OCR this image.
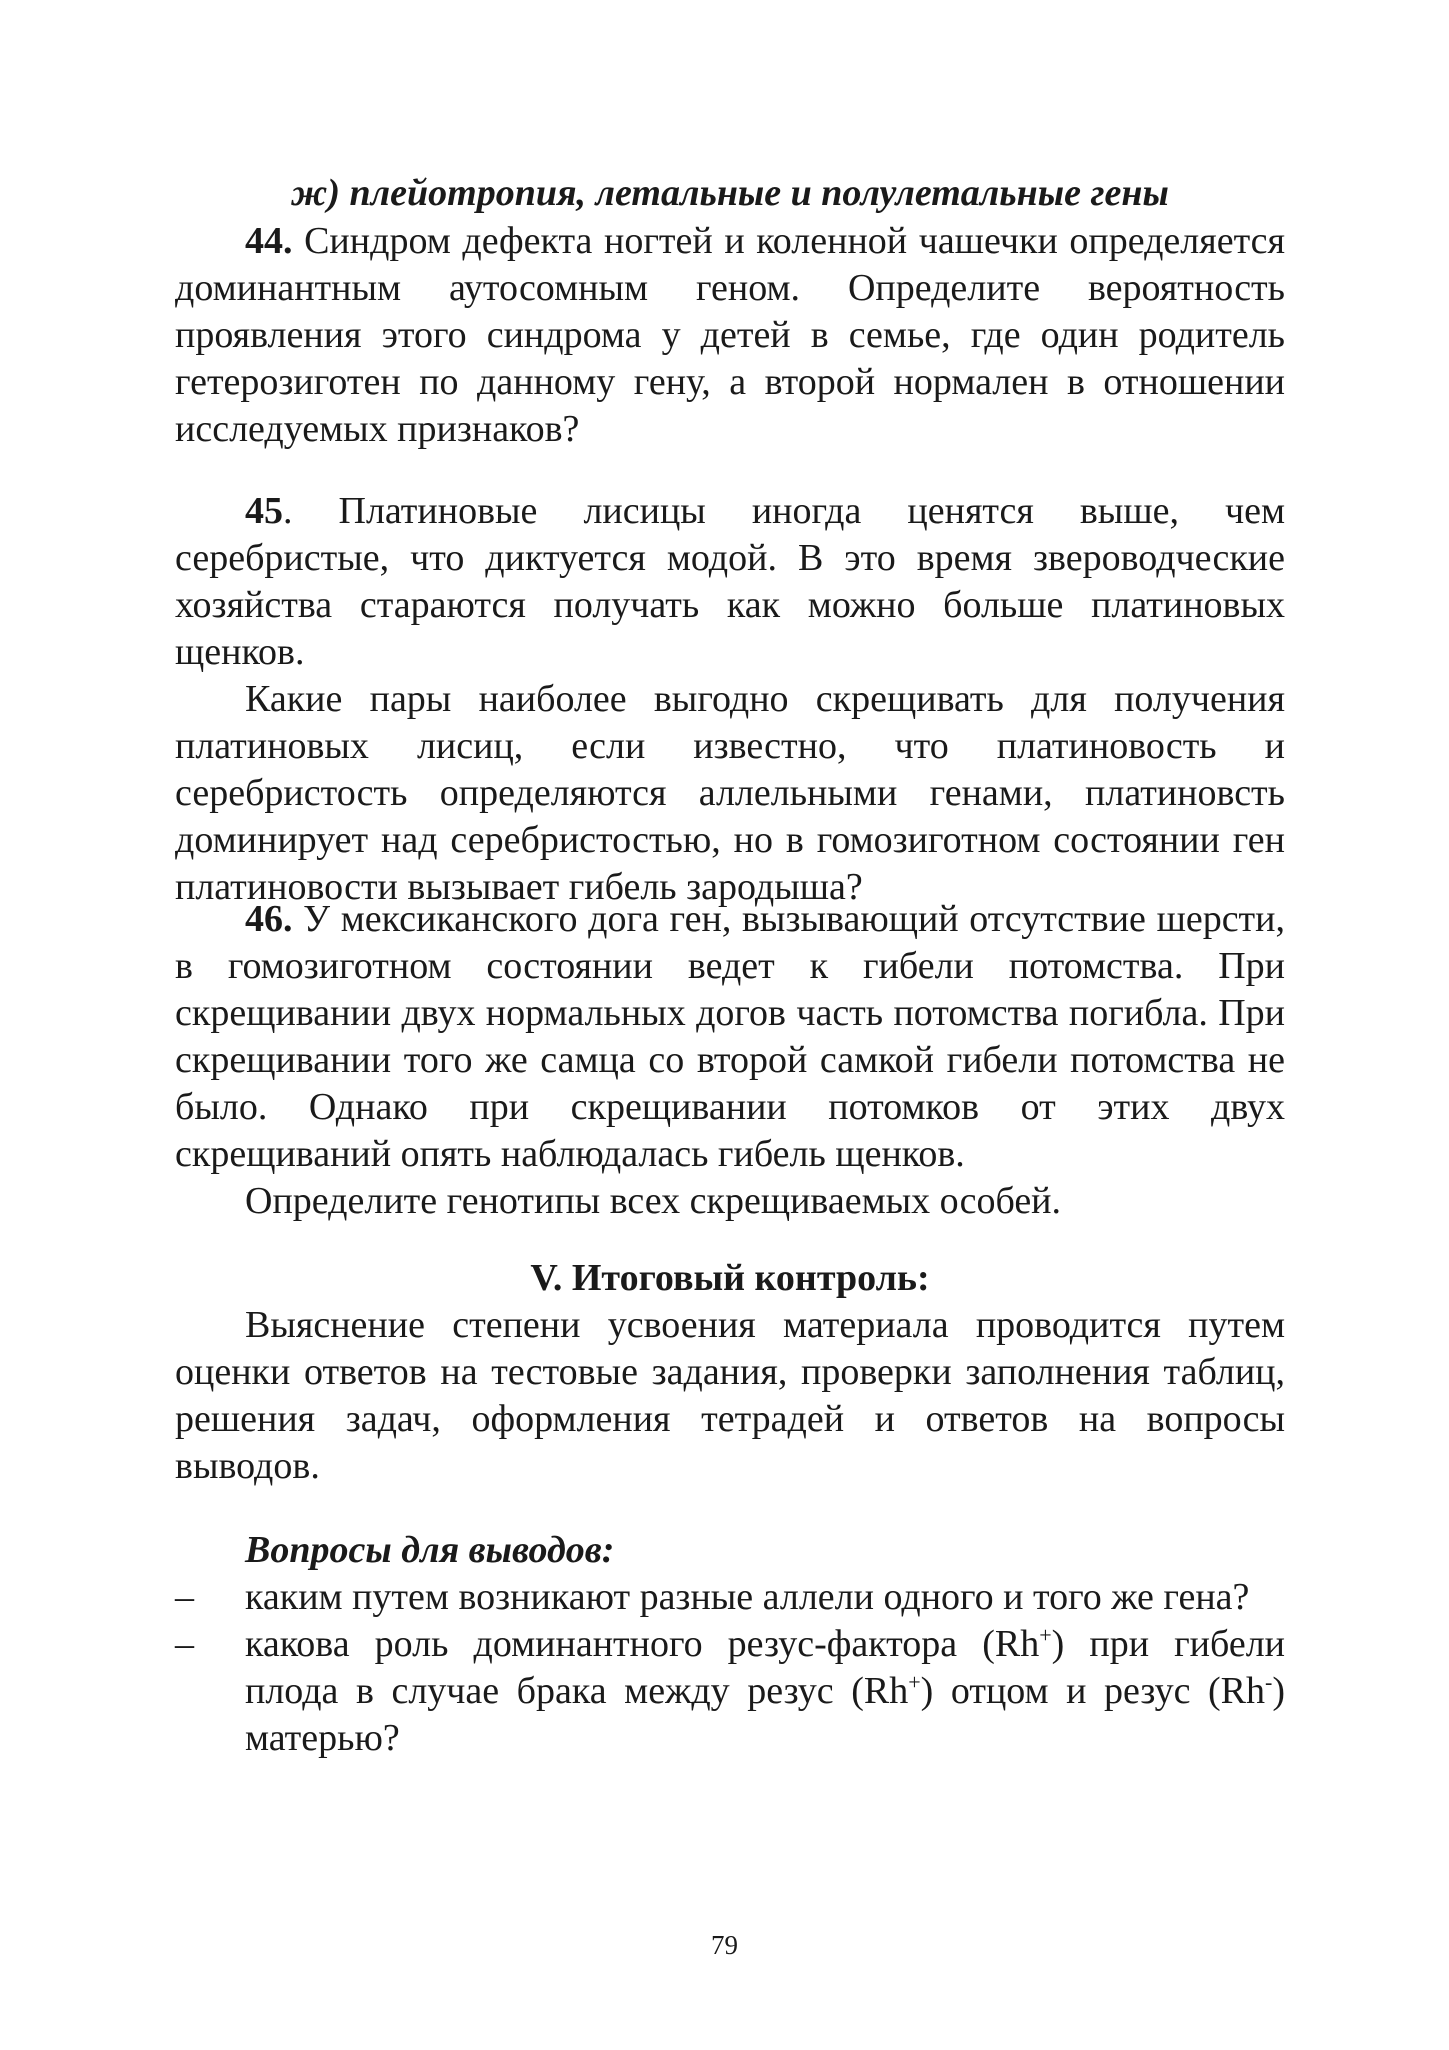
ж) плейотропия, летальные и полулетальные гены

44. Синдром дефекта ногтей и коленной чашечки определяется доминантным аутосомным геном. Определите вероятность проявления этого синдрома у детей в семье, где один родитель гетерозиготен по данному гену, а второй нормален в отношении исследуемых признаков?

45. Платиновые лисицы иногда ценятся выше, чем серебристые, что диктуется модой. В это время звероводческие хозяйства стараются получать как можно больше платиновых щенков.

Какие пары наиболее выгодно скрещивать для получения платиновых лисиц, если известно, что платиновость и серебристость определяются аллельными генами, платиновсть доминирует над серебристостью, но в гомозиготном состоянии ген платиновости вызывает гибель зародыша?

46. У мексиканского дога ген, вызывающий отсутствие шерсти, в гомозиготном состоянии ведет к гибели потомства. При скрещивании двух нормальных догов часть потомства погибла. При скрещивании того же самца со второй самкой гибели потомства не было. Однако при скрещивании потомков от этих двух скрещиваний опять наблюдалась гибель щенков.

Определите генотипы всех скрещиваемых особей.

V. Итоговый контроль:

Выяснение степени усвоения материала проводится путем оценки ответов на тестовые задания, проверки заполнения таблиц, решения задач, оформления тетрадей и ответов на вопросы выводов.

Вопросы для выводов:

– каким путем возникают разные аллели одного и того же гена?
– какова роль доминантного резус-фактора (Rh+) при гибели плода в случае брака между резус (Rh+) отцом и резус (Rh-) матерью?
79
